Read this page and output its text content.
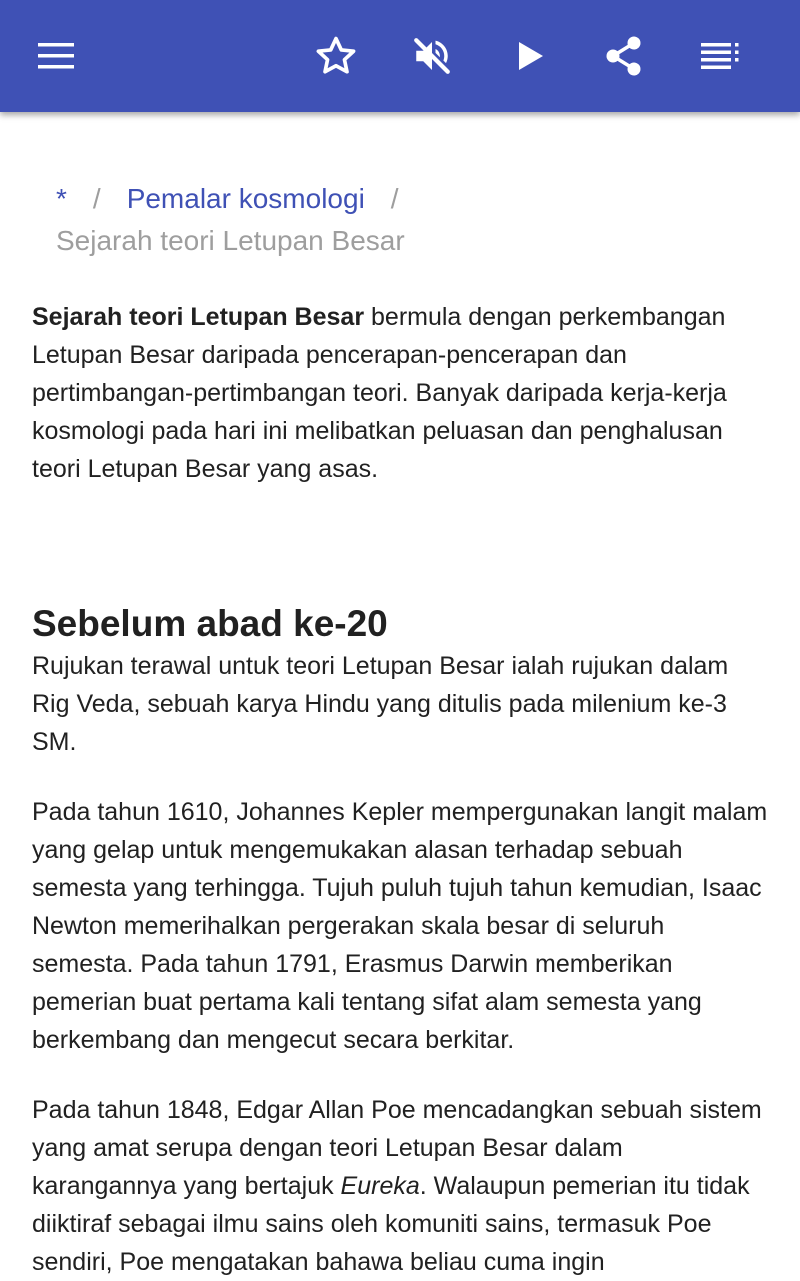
* / Pemalar kosmologi /
Sejarah teori Letupan Besar

Sejarah teori Letupan Besar bermula dengan perkembangan Letupan Besar daripada pencerapan-pencerapan dan pertimbangan-pertimbangan teori. Banyak daripada kerja-kerja kosmologi pada hari ini melibatkan peluasan dan penghalusan teori Letupan Besar yang asas.

Sebelum abad ke-20

Rujukan terawal untuk teori Letupan Besar ialah rujukan dalam Rig Veda, sebuah karya Hindu yang ditulis pada milenium ke-3 SM.

Pada tahun 1610, Johannes Kepler mempergunakan langit malam yang gelap untuk mengemukakan alasan terhadap sebuah semesta yang terhingga. Tujuh puluh tujuh tahun kemudian, Isaac Newton memerihalkan pergerakan skala besar di seluruh semesta. Pada tahun 1791, Erasmus Darwin memberikan pemerian buat pertama kali tentang sifat alam semesta yang berkembang dan mengecut secara berkitar.

Pada tahun 1848, Edgar Allan Poe mencadangkan sebuah sistem yang amat serupa dengan teori Letupan Besar dalam karangannya yang bertajuk Eureka. Walaupun pemerian itu tidak diiktiraf sebagai ilmu sains oleh komuniti sains, termasuk Poe sendiri, Poe mengatakan bahawa beliau cuma ingin
